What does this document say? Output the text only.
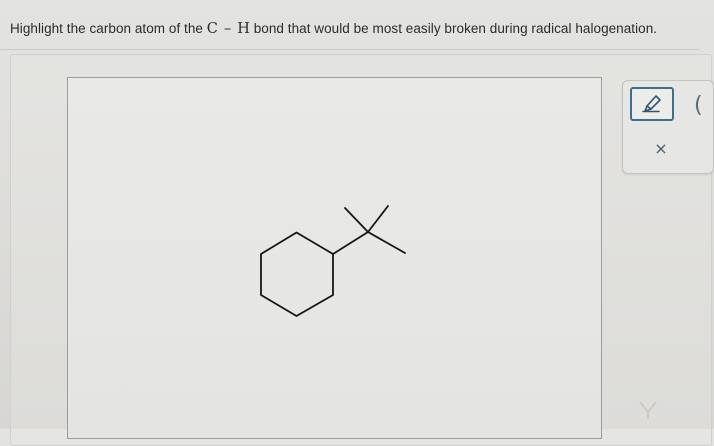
Highlight the carbon atom of the C – H bond that would be most easily broken during radical halogenation.
(
×
